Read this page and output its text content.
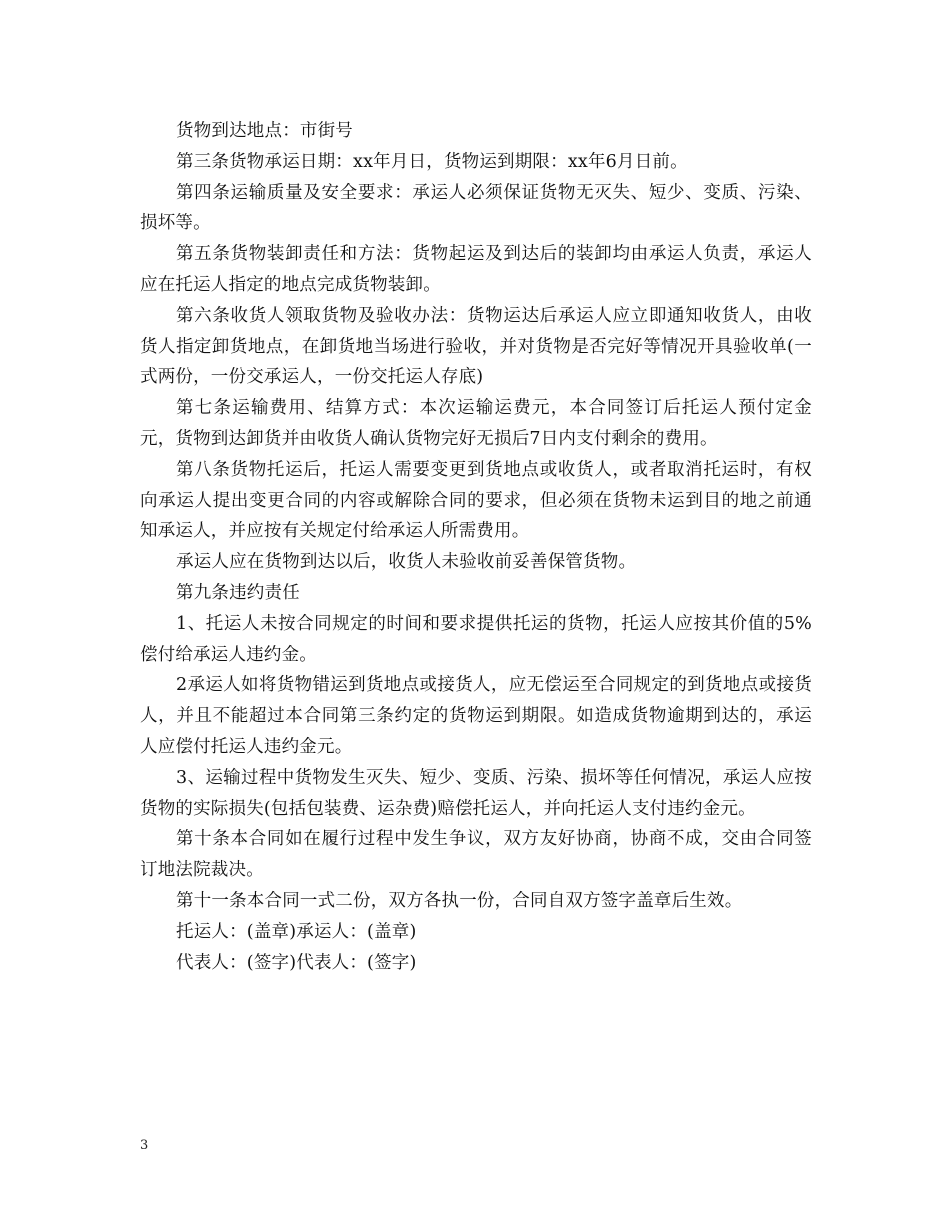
货物到达地点：市街号

第三条货物承运日期：xx年月日，货物运到期限：xx年6月日前。

第四条运输质量及安全要求：承运人必须保证货物无灭失、短少、变质、污染、损坏等。

第五条货物装卸责任和方法：货物起运及到达后的装卸均由承运人负责，承运人应在托运人指定的地点完成货物装卸。

第六条收货人领取货物及验收办法：货物运达后承运人应立即通知收货人，由收货人指定卸货地点，在卸货地当场进行验收，并对货物是否完好等情况开具验收单(一式两份，一份交承运人，一份交托运人存底)

第七条运输费用、结算方式：本次运输运费元，本合同签订后托运人预付定金元，货物到达卸货并由收货人确认货物完好无损后7日内支付剩余的费用。

第八条货物托运后，托运人需要变更到货地点或收货人，或者取消托运时，有权向承运人提出变更合同的内容或解除合同的要求，但必须在货物未运到目的地之前通知承运人，并应按有关规定付给承运人所需费用。

承运人应在货物到达以后，收货人未验收前妥善保管货物。

第九条违约责任

1、托运人未按合同规定的时间和要求提供托运的货物，托运人应按其价值的5%偿付给承运人违约金。

2承运人如将货物错运到货地点或接货人，应无偿运至合同规定的到货地点或接货人，并且不能超过本合同第三条约定的货物运到期限。如造成货物逾期到达的，承运人应偿付托运人违约金元。

3、运输过程中货物发生灭失、短少、变质、污染、损坏等任何情况，承运人应按货物的实际损失(包括包装费、运杂费)赔偿托运人，并向托运人支付违约金元。

第十条本合同如在履行过程中发生争议，双方友好协商，协商不成，交由合同签订地法院裁决。

第十一条本合同一式二份，双方各执一份，合同自双方签字盖章后生效。

托运人：(盖章)承运人：(盖章)

代表人：(签字)代表人：(签字)

3
